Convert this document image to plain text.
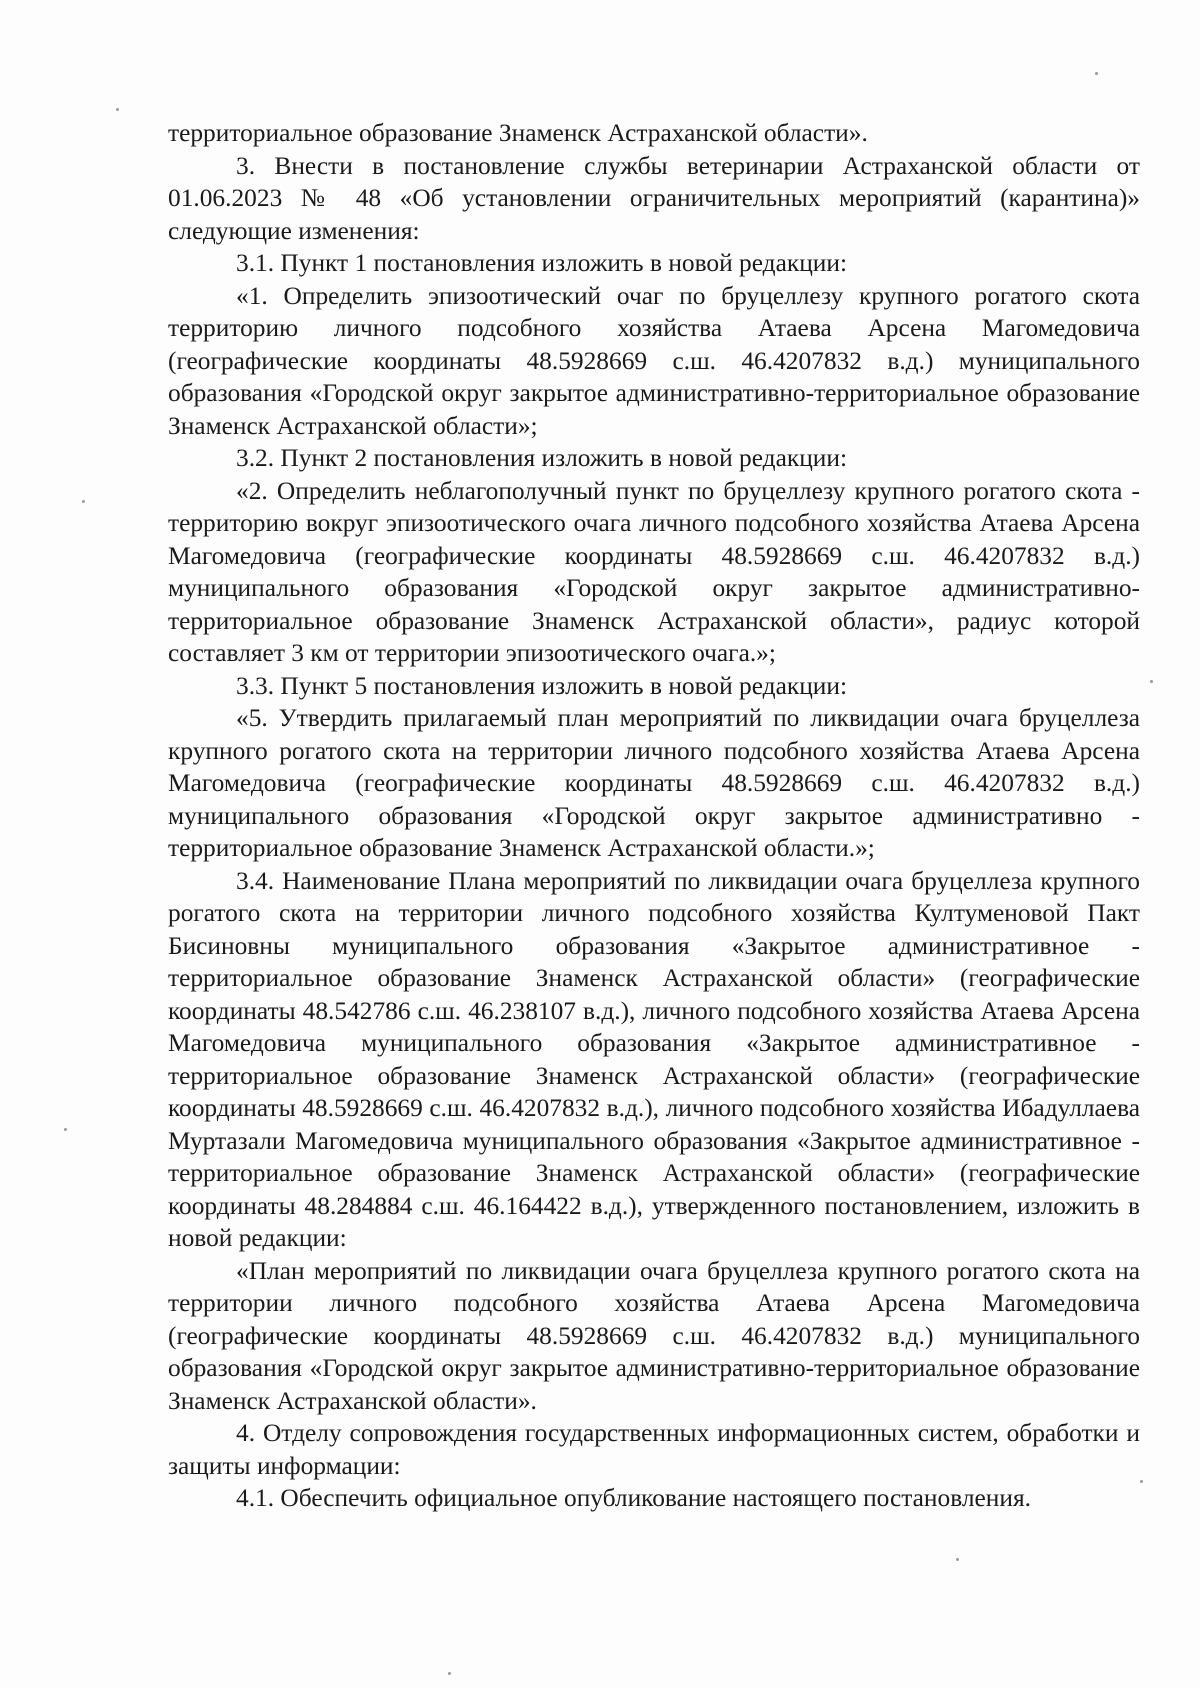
территориальное образование Знаменск Астраханской области».

3. Внести в постановление службы ветеринарии Астраханской области от 01.06.2023 № 48 «Об установлении ограничительных мероприятий (карантина)» следующие изменения:

3.1. Пункт 1 постановления изложить в новой редакции:

«1. Определить эпизоотический очаг по бруцеллезу крупного рогатого скота территорию личного подсобного хозяйства Атаева Арсена Магомедовича (географические координаты 48.5928669 с.ш. 46.4207832 в.д.) муниципального образования «Городской округ закрытое административно-территориальное образование Знаменск Астраханской области»;

3.2. Пункт 2 постановления изложить в новой редакции:

«2. Определить неблагополучный пункт по бруцеллезу крупного рогатого скота - территорию вокруг эпизоотического очага личного подсобного хозяйства Атаева Арсена Магомедовича (географические координаты 48.5928669 с.ш. 46.4207832 в.д.) муниципального образования «Городской округ закрытое административно-территориальное образование Знаменск Астраханской области», радиус которой составляет 3 км от территории эпизоотического очага.»;

3.3. Пункт 5 постановления изложить в новой редакции:

«5. Утвердить прилагаемый план мероприятий по ликвидации очага бруцеллеза крупного рогатого скота на территории личного подсобного хозяйства Атаева Арсена Магомедовича (географические координаты 48.5928669 с.ш. 46.4207832 в.д.) муниципального образования «Городской округ закрытое административно - территориальное образование Знаменск Астраханской области.»;

3.4. Наименование Плана мероприятий по ликвидации очага бруцеллеза крупного рогатого скота на территории личного подсобного хозяйства Култуменовой Пакт Бисиновны муниципального образования «Закрытое административное - территориальное образование Знаменск Астраханской области» (географические координаты 48.542786 с.ш. 46.238107 в.д.), личного подсобного хозяйства Атаева Арсена Магомедовича муниципального образования «Закрытое административное - территориальное образование Знаменск Астраханской области» (географические координаты 48.5928669 с.ш. 46.4207832 в.д.), личного подсобного хозяйства Ибадуллаева Муртазали Магомедовича муниципального образования «Закрытое административное - территориальное образование Знаменск Астраханской области» (географические координаты 48.284884 с.ш. 46.164422 в.д.), утвержденного постановлением, изложить в новой редакции:

«План мероприятий по ликвидации очага бруцеллеза крупного рогатого скота на территории личного подсобного хозяйства Атаева Арсена Магомедовича (географические координаты 48.5928669 с.ш. 46.4207832 в.д.) муниципального образования «Городской округ закрытое административно-территориальное образование Знаменск Астраханской области».

4. Отделу сопровождения государственных информационных систем, обработки и защиты информации:

4.1. Обеспечить официальное опубликование настоящего постановления.
